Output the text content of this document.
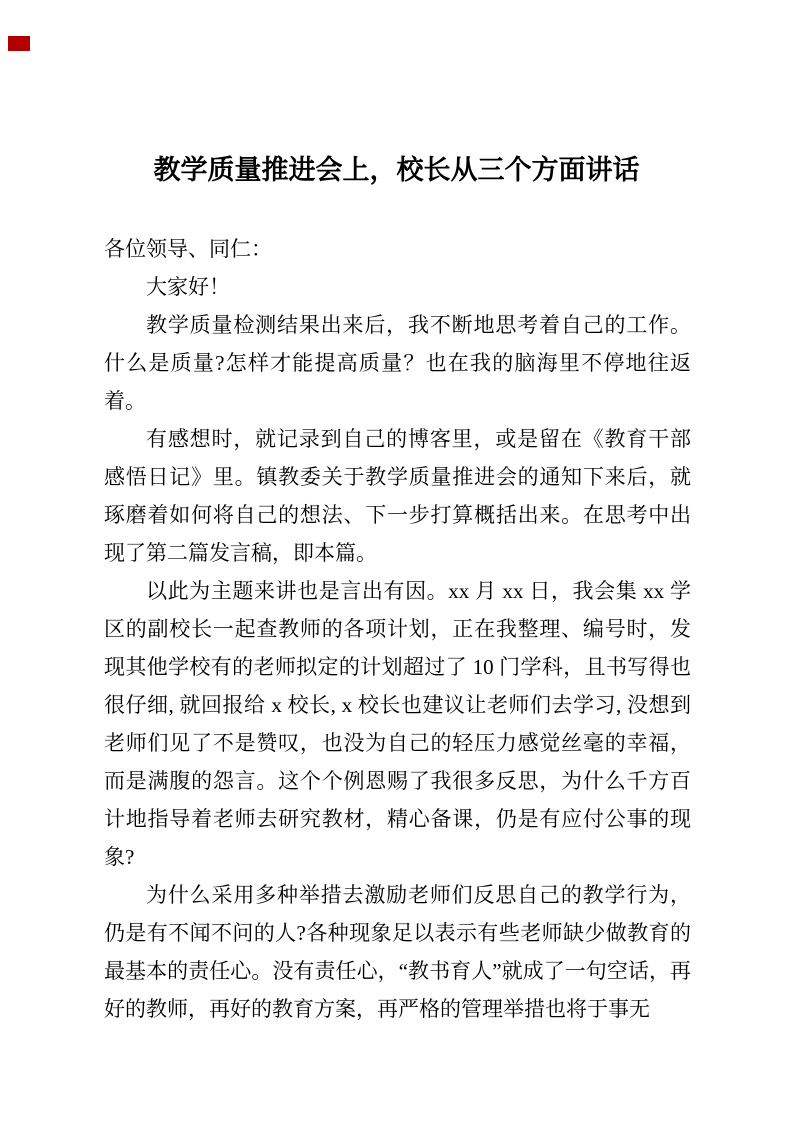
教学质量推进会上，校长从三个方面讲话

各位领导、同仁：

大家好！

教学质量检测结果出来后，我不断地思考着自己的工作。什么是质量?怎样才能提高质量？也在我的脑海里不停地往返着。

有感想时，就记录到自己的博客里，或是留在《教育干部感悟日记》里。镇教委关于教学质量推进会的通知下来后，就琢磨着如何将自己的想法、下一步打算概括出来。在思考中出现了第二篇发言稿，即本篇。

以此为主题来讲也是言出有因。xx 月 xx 日，我会集 xx 学区的副校长一起查教师的各项计划，正在我整理、编号时，发现其他学校有的老师拟定的计划超过了 10 门学科，且书写得也很仔细, 就回报给 x 校长, x 校长也建议让老师们去学习, 没想到老师们见了不是赞叹，也没为自己的轻压力感觉丝毫的幸福，而是满腹的怨言。这个个例恩赐了我很多反思，为什么千方百计地指导着老师去研究教材，精心备课，仍是有应付公事的现象?

为什么采用多种举措去激励老师们反思自己的教学行为，仍是有不闻不问的人?各种现象足以表示有些老师缺少做教育的最基本的责任心。没有责任心，“教书育人”就成了一句空话，再好的教师，再好的教育方案，再严格的管理举措也将于事无
